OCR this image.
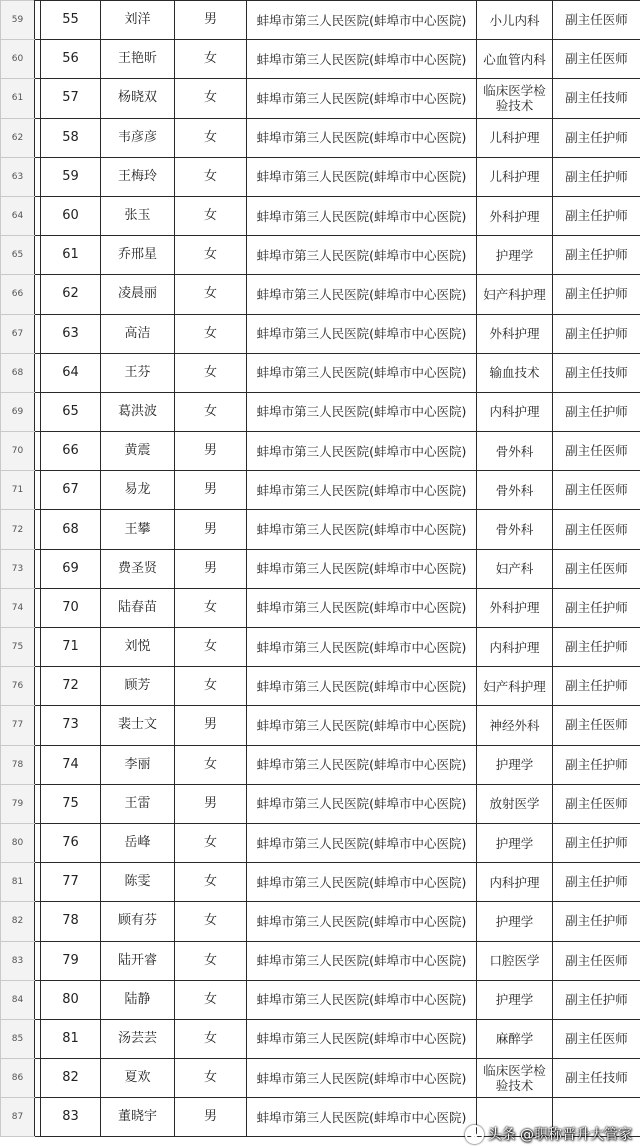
59		55	刘洋	男	蚌埠市第三人民医院(蚌埠市中心医院)	小儿内科	副主任医师
60		56	王艳昕	女	蚌埠市第三人民医院(蚌埠市中心医院)	心血管内科	副主任医师
61		57	杨晓双	女	蚌埠市第三人民医院(蚌埠市中心医院)	临床医学检验技术	副主任技师
62		58	韦彦彦	女	蚌埠市第三人民医院(蚌埠市中心医院)	儿科护理	副主任护师
63		59	王梅玲	女	蚌埠市第三人民医院(蚌埠市中心医院)	儿科护理	副主任护师
64		60	张玉	女	蚌埠市第三人民医院(蚌埠市中心医院)	外科护理	副主任护师
65		61	乔邢星	女	蚌埠市第三人民医院(蚌埠市中心医院)	护理学	副主任护师
66		62	凌晨丽	女	蚌埠市第三人民医院(蚌埠市中心医院)	妇产科护理	副主任护师
67		63	高洁	女	蚌埠市第三人民医院(蚌埠市中心医院)	外科护理	副主任护师
68		64	王芬	女	蚌埠市第三人民医院(蚌埠市中心医院)	输血技术	副主任技师
69		65	葛洪波	女	蚌埠市第三人民医院(蚌埠市中心医院)	内科护理	副主任护师
70		66	黄震	男	蚌埠市第三人民医院(蚌埠市中心医院)	骨外科	副主任医师
71		67	易龙	男	蚌埠市第三人民医院(蚌埠市中心医院)	骨外科	副主任医师
72		68	王攀	男	蚌埠市第三人民医院(蚌埠市中心医院)	骨外科	副主任医师
73		69	费圣贤	男	蚌埠市第三人民医院(蚌埠市中心医院)	妇产科	副主任医师
74		70	陆春苗	女	蚌埠市第三人民医院(蚌埠市中心医院)	外科护理	副主任护师
75		71	刘悦	女	蚌埠市第三人民医院(蚌埠市中心医院)	内科护理	副主任护师
76		72	顾芳	女	蚌埠市第三人民医院(蚌埠市中心医院)	妇产科护理	副主任护师
77		73	裴士文	男	蚌埠市第三人民医院(蚌埠市中心医院)	神经外科	副主任医师
78		74	李丽	女	蚌埠市第三人民医院(蚌埠市中心医院)	护理学	副主任护师
79		75	王雷	男	蚌埠市第三人民医院(蚌埠市中心医院)	放射医学	副主任医师
80		76	岳峰	女	蚌埠市第三人民医院(蚌埠市中心医院)	护理学	副主任护师
81		77	陈雯	女	蚌埠市第三人民医院(蚌埠市中心医院)	内科护理	副主任护师
82		78	顾有芬	女	蚌埠市第三人民医院(蚌埠市中心医院)	护理学	副主任护师
83		79	陆开睿	女	蚌埠市第三人民医院(蚌埠市中心医院)	口腔医学	副主任医师
84		80	陆静	女	蚌埠市第三人民医院(蚌埠市中心医院)	护理学	副主任护师
85		81	汤芸芸	女	蚌埠市第三人民医院(蚌埠市中心医院)	麻醉学	副主任医师
86		82	夏欢	女	蚌埠市第三人民医院(蚌埠市中心医院)	临床医学检验技术	副主任技师
87		83	董晓宇	男	蚌埠市第三人民医院(蚌埠市中心医院)		
头条 @职称晋升大管家
